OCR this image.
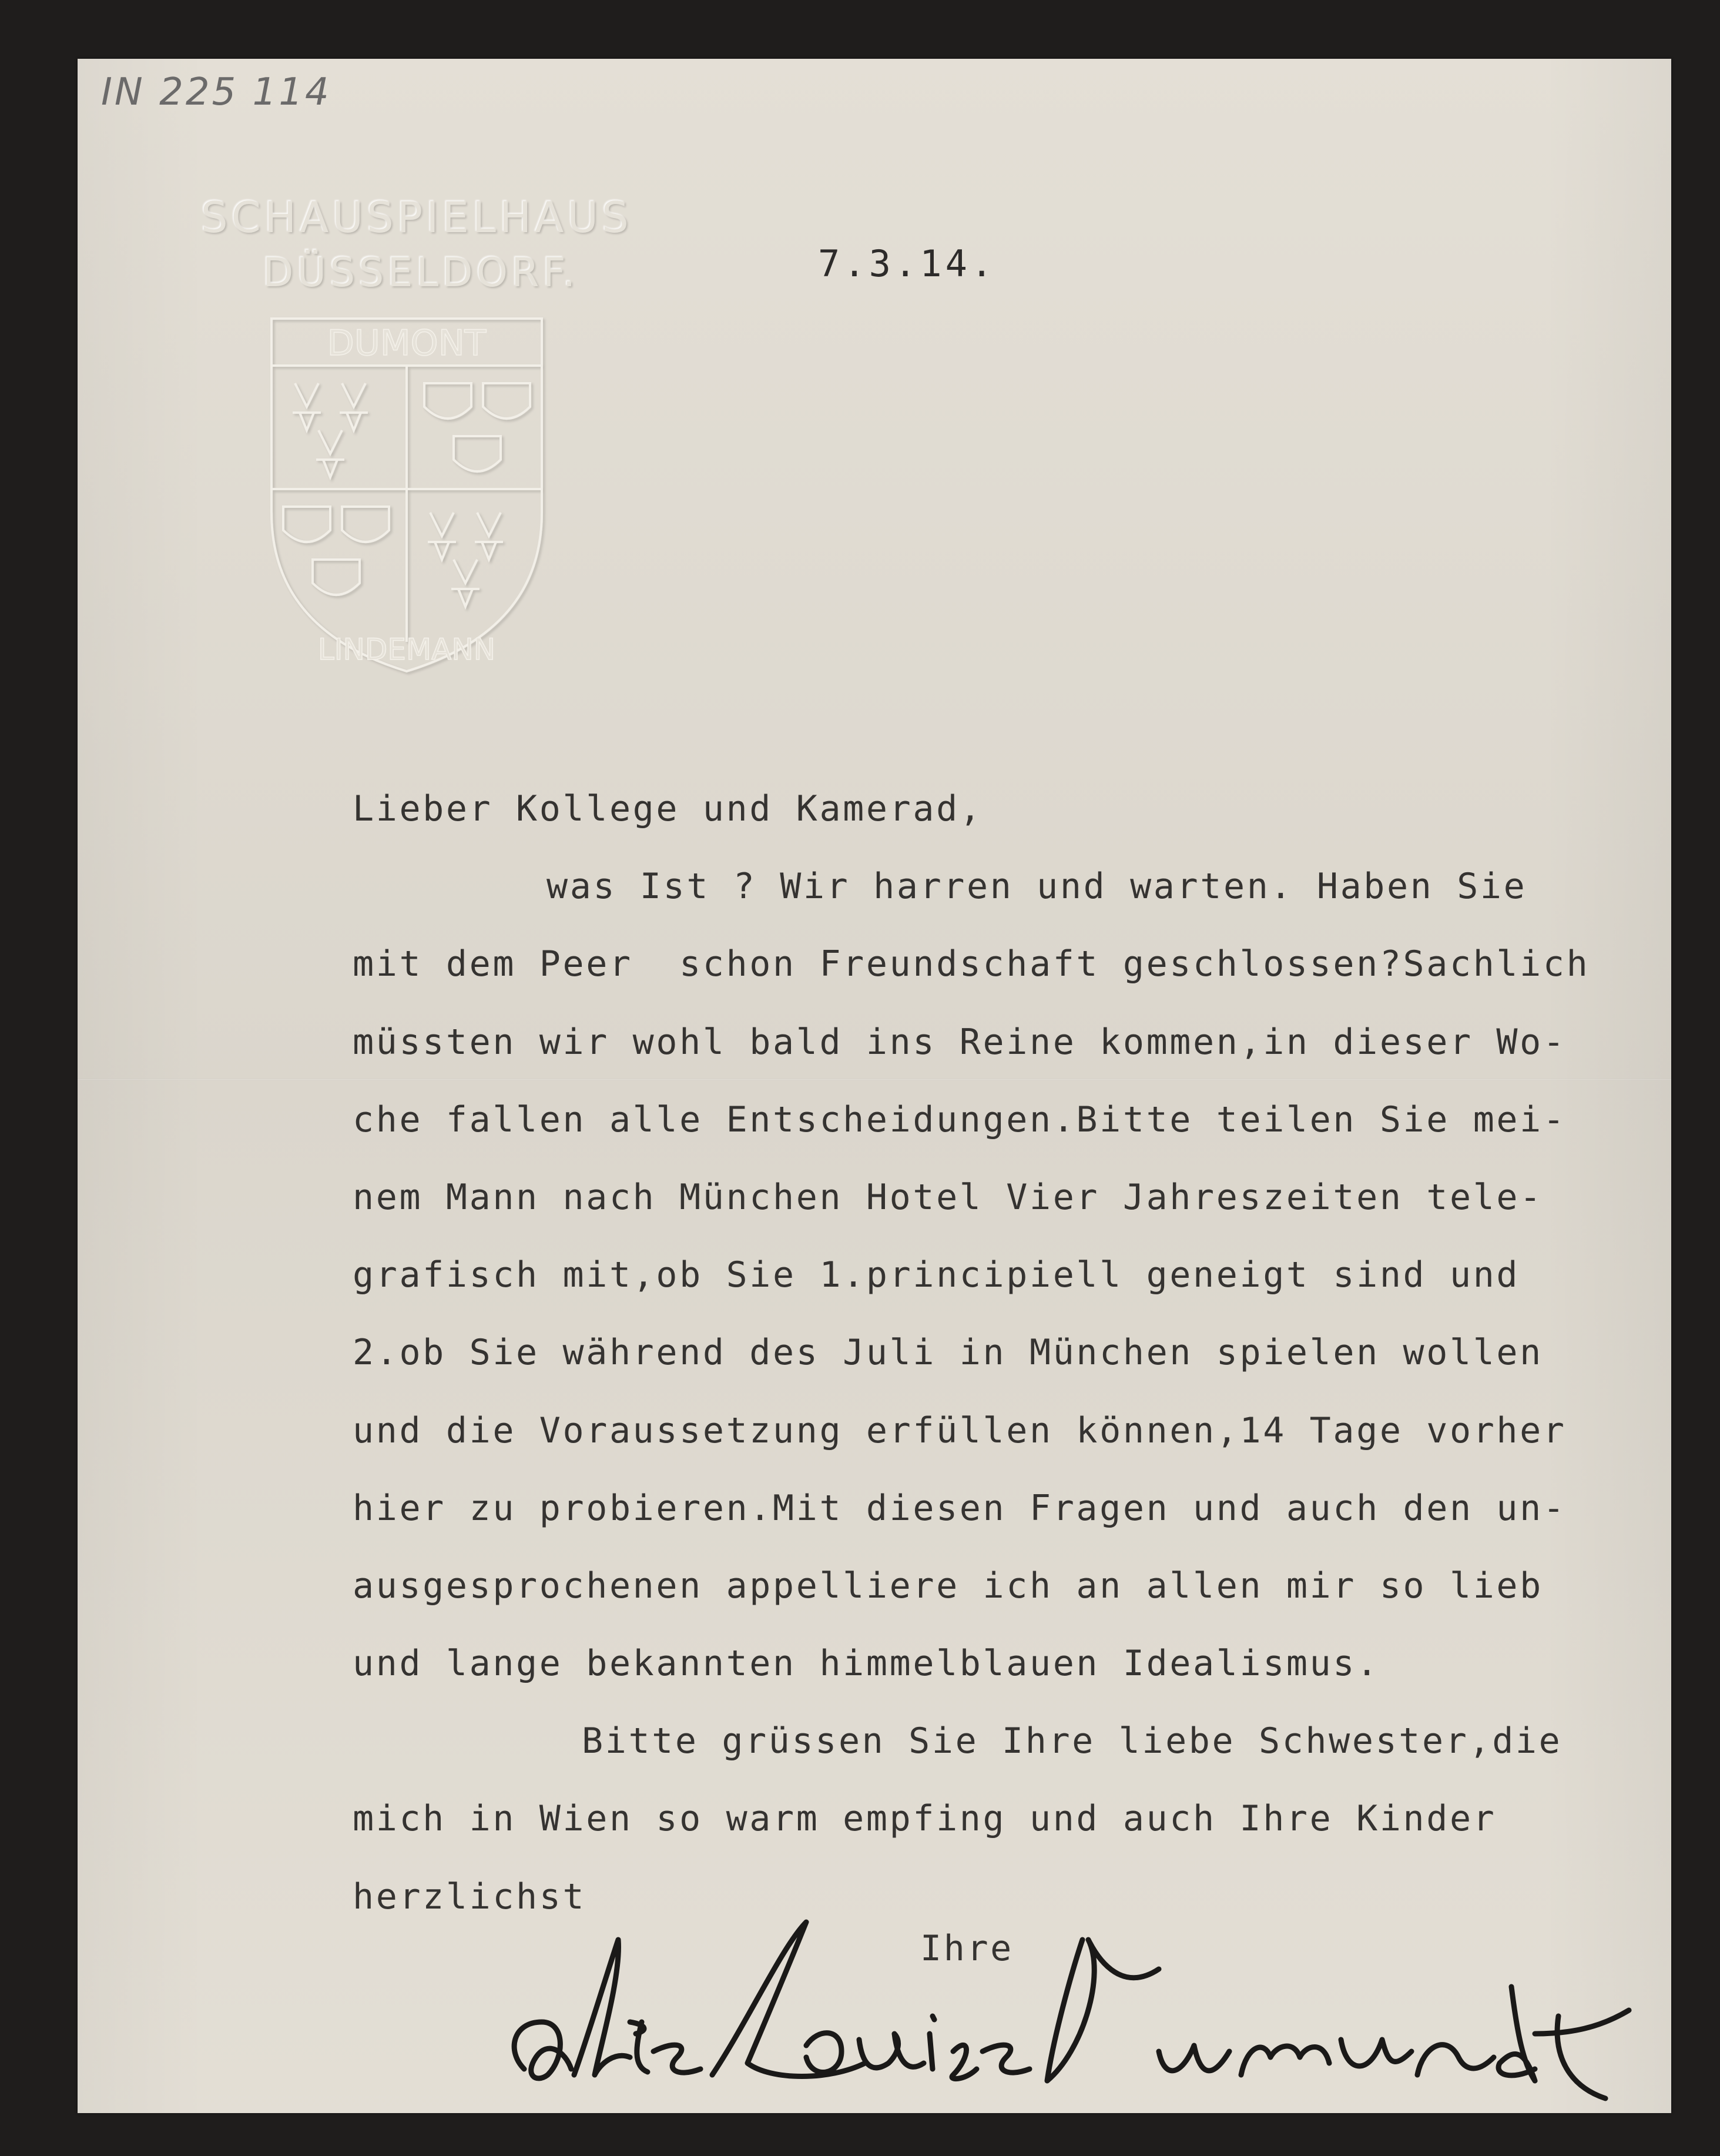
IN 225 114
SCHAUSPIELHAUS
DÜSSELDORF.
DUMONT
LINDEMANN
7.3.14.
Lieber Kollege und Kamerad,
was Ist ? Wir harren und warten. Haben Sie
mit dem Peer  schon Freundschaft geschlossen?Sachlich
müssten wir wohl bald ins Reine kommen,in dieser Wo-
che fallen alle Entscheidungen.Bitte teilen Sie mei-
nem Mann nach München Hotel Vier Jahreszeiten tele-
grafisch mit,ob Sie 1.principiell geneigt sind und
2.ob Sie während des Juli in München spielen wollen
und die Voraussetzung erfüllen können,14 Tage vorher
hier zu probieren.Mit diesen Fragen und auch den un-
ausgesprochenen appelliere ich an allen mir so lieb
und lange bekannten himmelblauen Idealismus.
Bitte grüssen Sie Ihre liebe Schwester,die
mich in Wien so warm empfing und auch Ihre Kinder
herzlichst
Ihre
alte Louise Dumont
